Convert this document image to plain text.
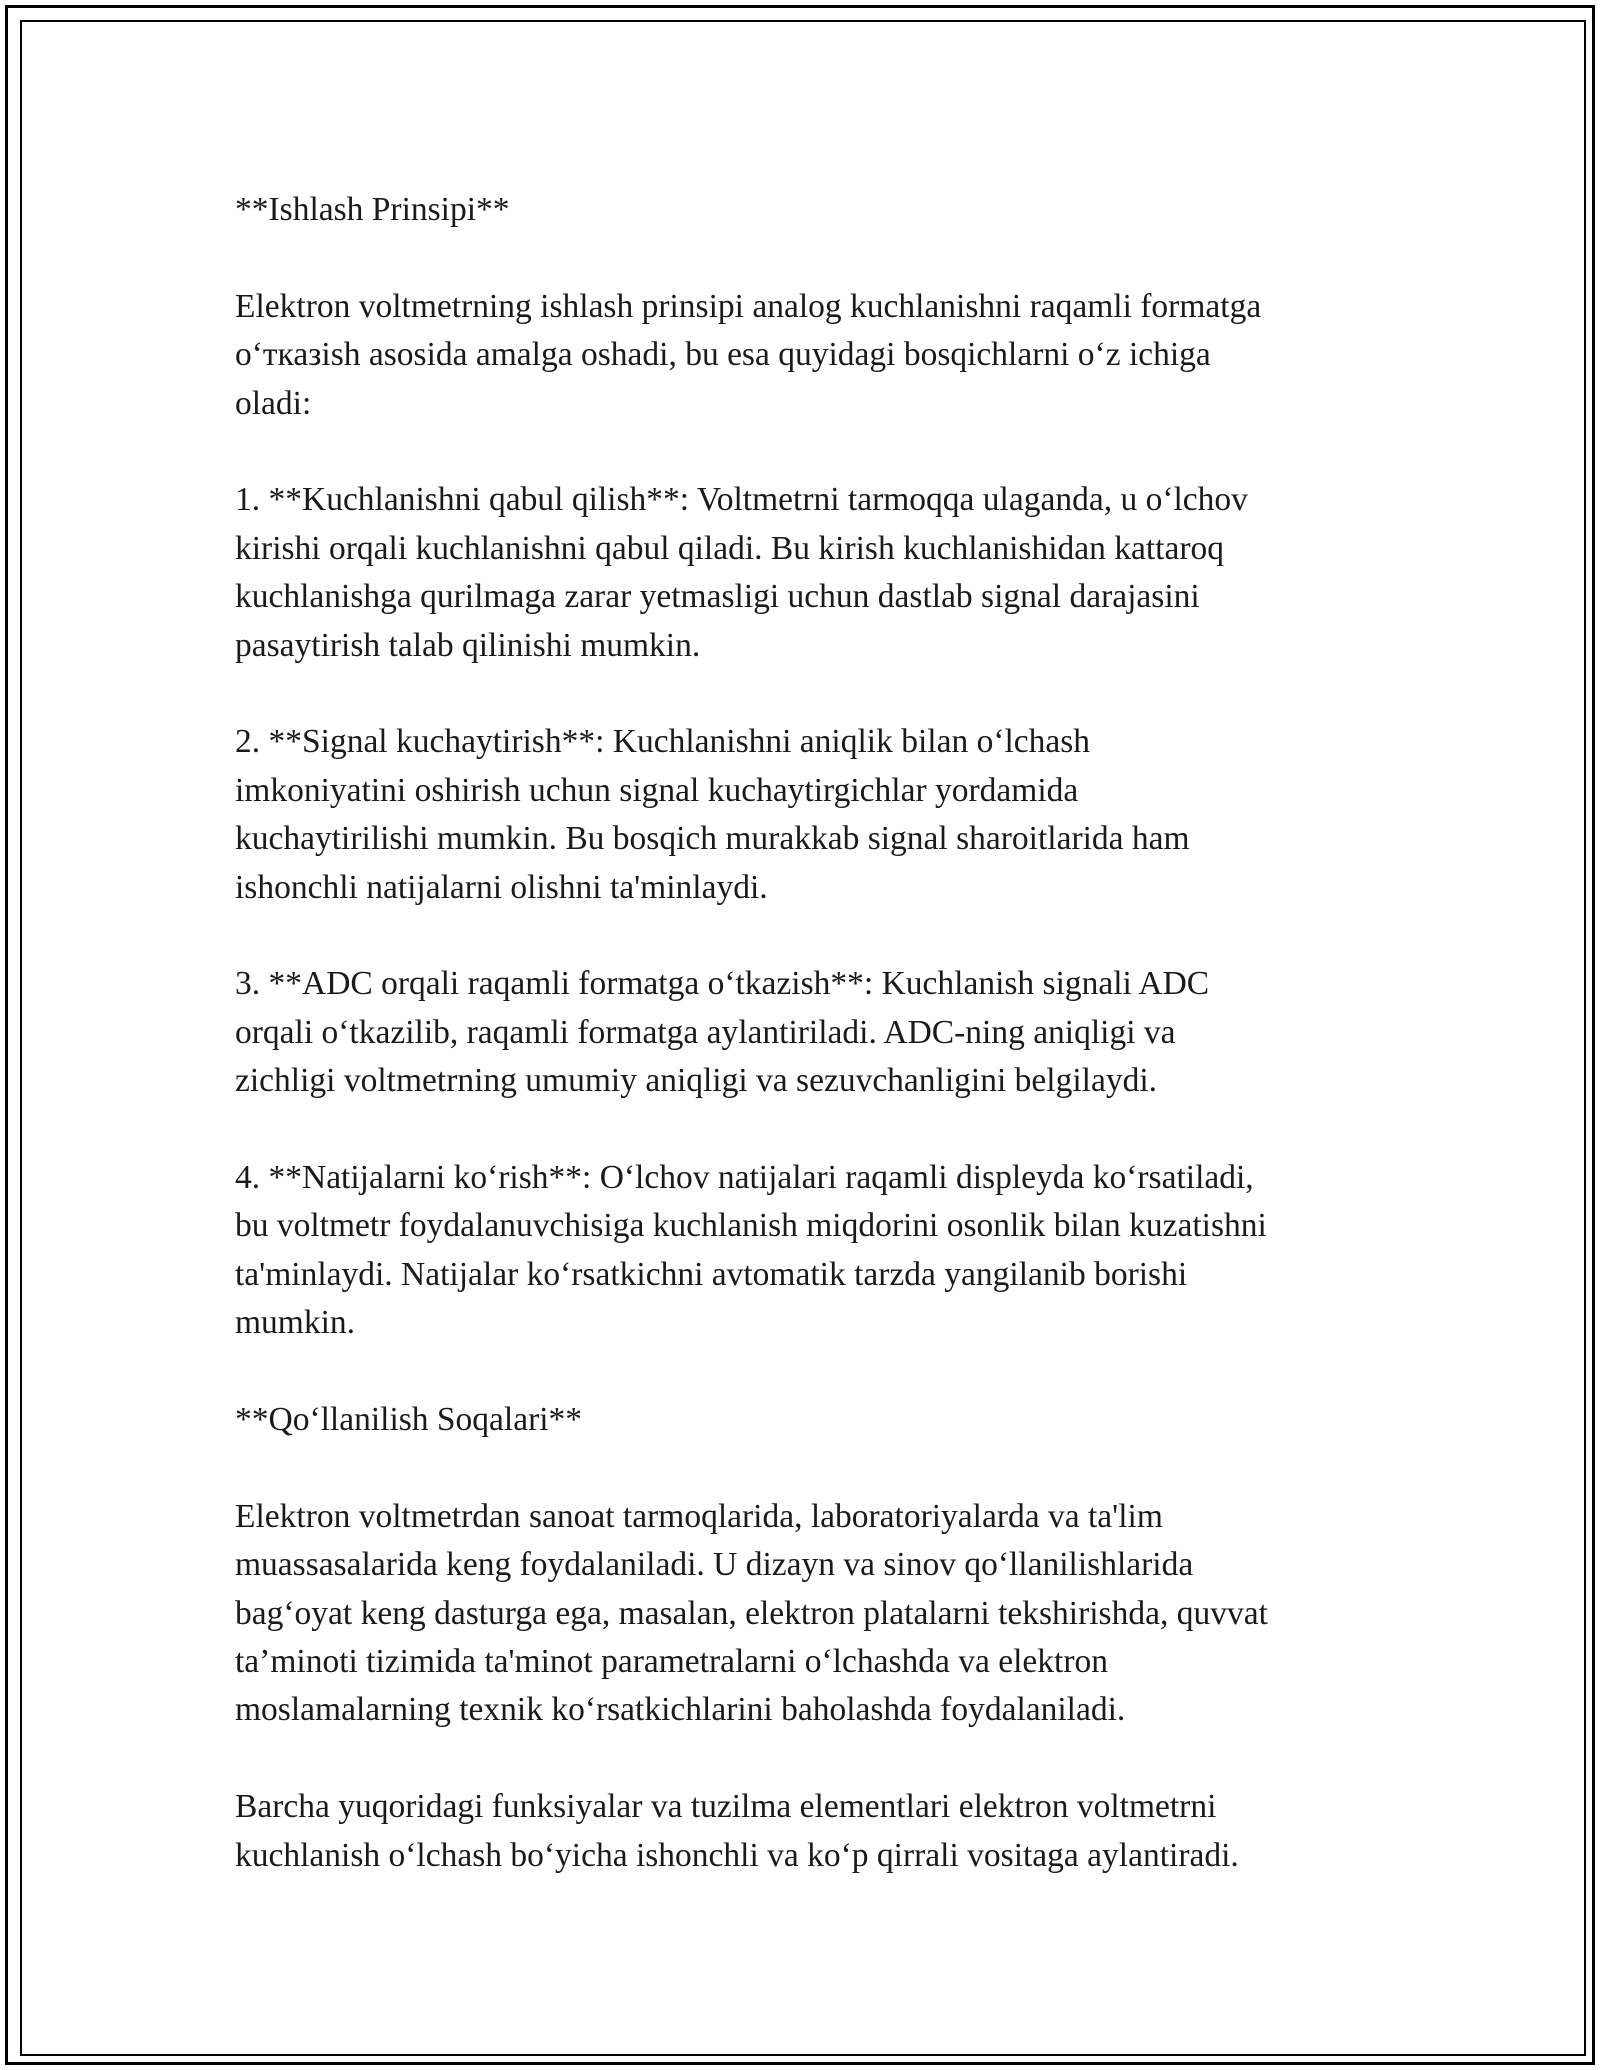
**Ishlash Prinsipi**

Elektron voltmetrning ishlash prinsipi analog kuchlanishni raqamli formatga
o‘тказish asosida amalga oshadi, bu esa quyidagi bosqichlarni o‘z ichiga
oladi:

1. **Kuchlanishni qabul qilish**: Voltmetrni tarmoqqa ulaganda, u o‘lchov
kirishi orqali kuchlanishni qabul qiladi. Bu kirish kuchlanishidan kattaroq
kuchlanishga qurilmaga zarar yetmasligi uchun dastlab signal darajasini
pasaytirish talab qilinishi mumkin.

2. **Signal kuchaytirish**: Kuchlanishni aniqlik bilan o‘lchash
imkoniyatini oshirish uchun signal kuchaytirgichlar yordamida
kuchaytirilishi mumkin. Bu bosqich murakkab signal sharoitlarida ham
ishonchli natijalarni olishni ta'minlaydi.

3. **ADC orqali raqamli formatga o‘tkazish**: Kuchlanish signali ADC
orqali o‘tkazilib, raqamli formatga aylantiriladi. ADC-ning aniqligi va
zichligi voltmetrning umumiy aniqligi va sezuvchanligini belgilaydi.

4. **Natijalarni ko‘rish**: O‘lchov natijalari raqamli displeyda ko‘rsatiladi,
bu voltmetr foydalanuvchisiga kuchlanish miqdorini osonlik bilan kuzatishni
ta'minlaydi. Natijalar ko‘rsatkichni avtomatik tarzda yangilanib borishi
mumkin.

**Qo‘llanilish Soqalari**

Elektron voltmetrdan sanoat tarmoqlarida, laboratoriyalarda va ta'lim
muassasalarida keng foydalaniladi. U dizayn va sinov qo‘llanilishlarida
bag‘oyat keng dasturga ega, masalan, elektron platalarni tekshirishda, quvvat
ta’minoti tizimida ta'minot parametralarni o‘lchashda va elektron
moslamalarning texnik ko‘rsatkichlarini baholashda foydalaniladi.

Barcha yuqoridagi funksiyalar va tuzilma elementlari elektron voltmetrni
kuchlanish o‘lchash bo‘yicha ishonchli va ko‘p qirrali vositaga aylantiradi.
